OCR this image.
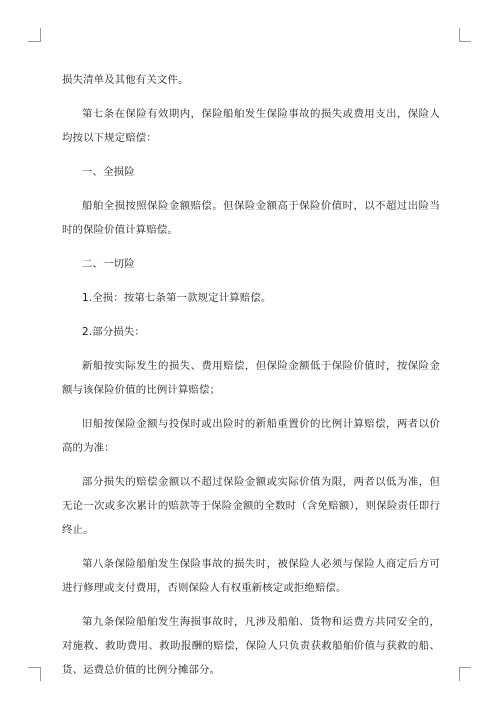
损失清单及其他有关文件。

第七条在保险有效期内，保险船舶发生保险事故的损失或费用支出，保险人均按以下规定赔偿：

一、全损险

船舶全损按照保险金额赔偿。但保险金额高于保险价值时，以不超过出险当时的保险价值计算赔偿。

二、一切险

1.全损：按第七条第一款规定计算赔偿。

2.部分损失：

新船按实际发生的损失、费用赔偿，但保险金额低于保险价值时，按保险金额与该保险价值的比例计算赔偿；

旧船按保险金额与投保时或出险时的新船重置价的比例计算赔偿，两者以价高的为准：

部分损失的赔偿金额以不超过保险金额或实际价值为限，两者以低为准，但无论一次或多次累计的赔款等于保险金额的全数时（含免赔额），则保险责任即行终止。

第八条保险船舶发生保险事故的损失时，被保险人必须与保险人商定后方可进行修理或支付费用，否则保险人有权重新核定或拒绝赔偿。

第九条保险船舶发生海损事故时，凡涉及船舶、货物和运费方共同安全的，对施救、救助费用、救助报酬的赔偿，保险人只负责获救船舶价值与获救的船、货、运费总价值的比例分摊部分。
